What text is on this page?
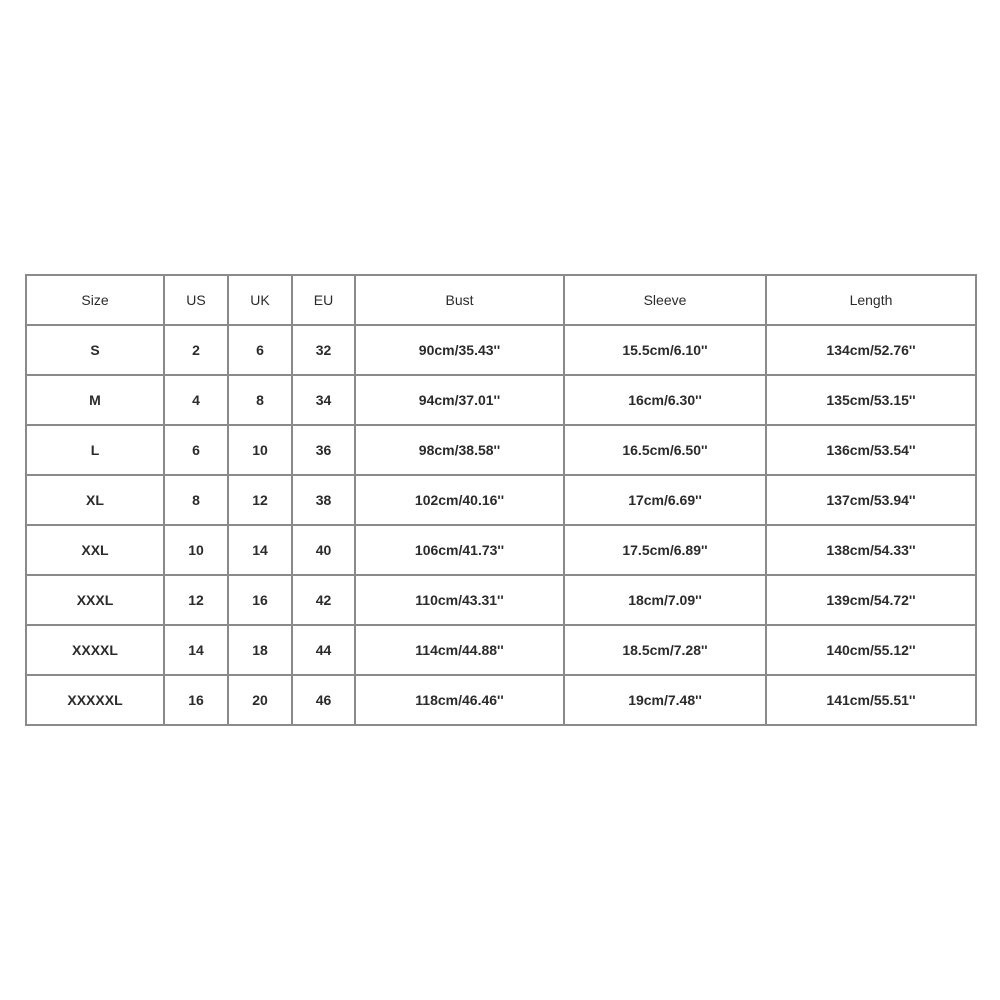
Size	US	UK	EU	Bust	Sleeve	Length
S	2	6	32	90cm/35.43''	15.5cm/6.10''	134cm/52.76''
M	4	8	34	94cm/37.01''	16cm/6.30''	135cm/53.15''
L	6	10	36	98cm/38.58''	16.5cm/6.50''	136cm/53.54''
XL	8	12	38	102cm/40.16''	17cm/6.69''	137cm/53.94''
XXL	10	14	40	106cm/41.73''	17.5cm/6.89''	138cm/54.33''
XXXL	12	16	42	110cm/43.31''	18cm/7.09''	139cm/54.72''
XXXXL	14	18	44	114cm/44.88''	18.5cm/7.28''	140cm/55.12''
XXXXXL	16	20	46	118cm/46.46''	19cm/7.48''	141cm/55.51''
